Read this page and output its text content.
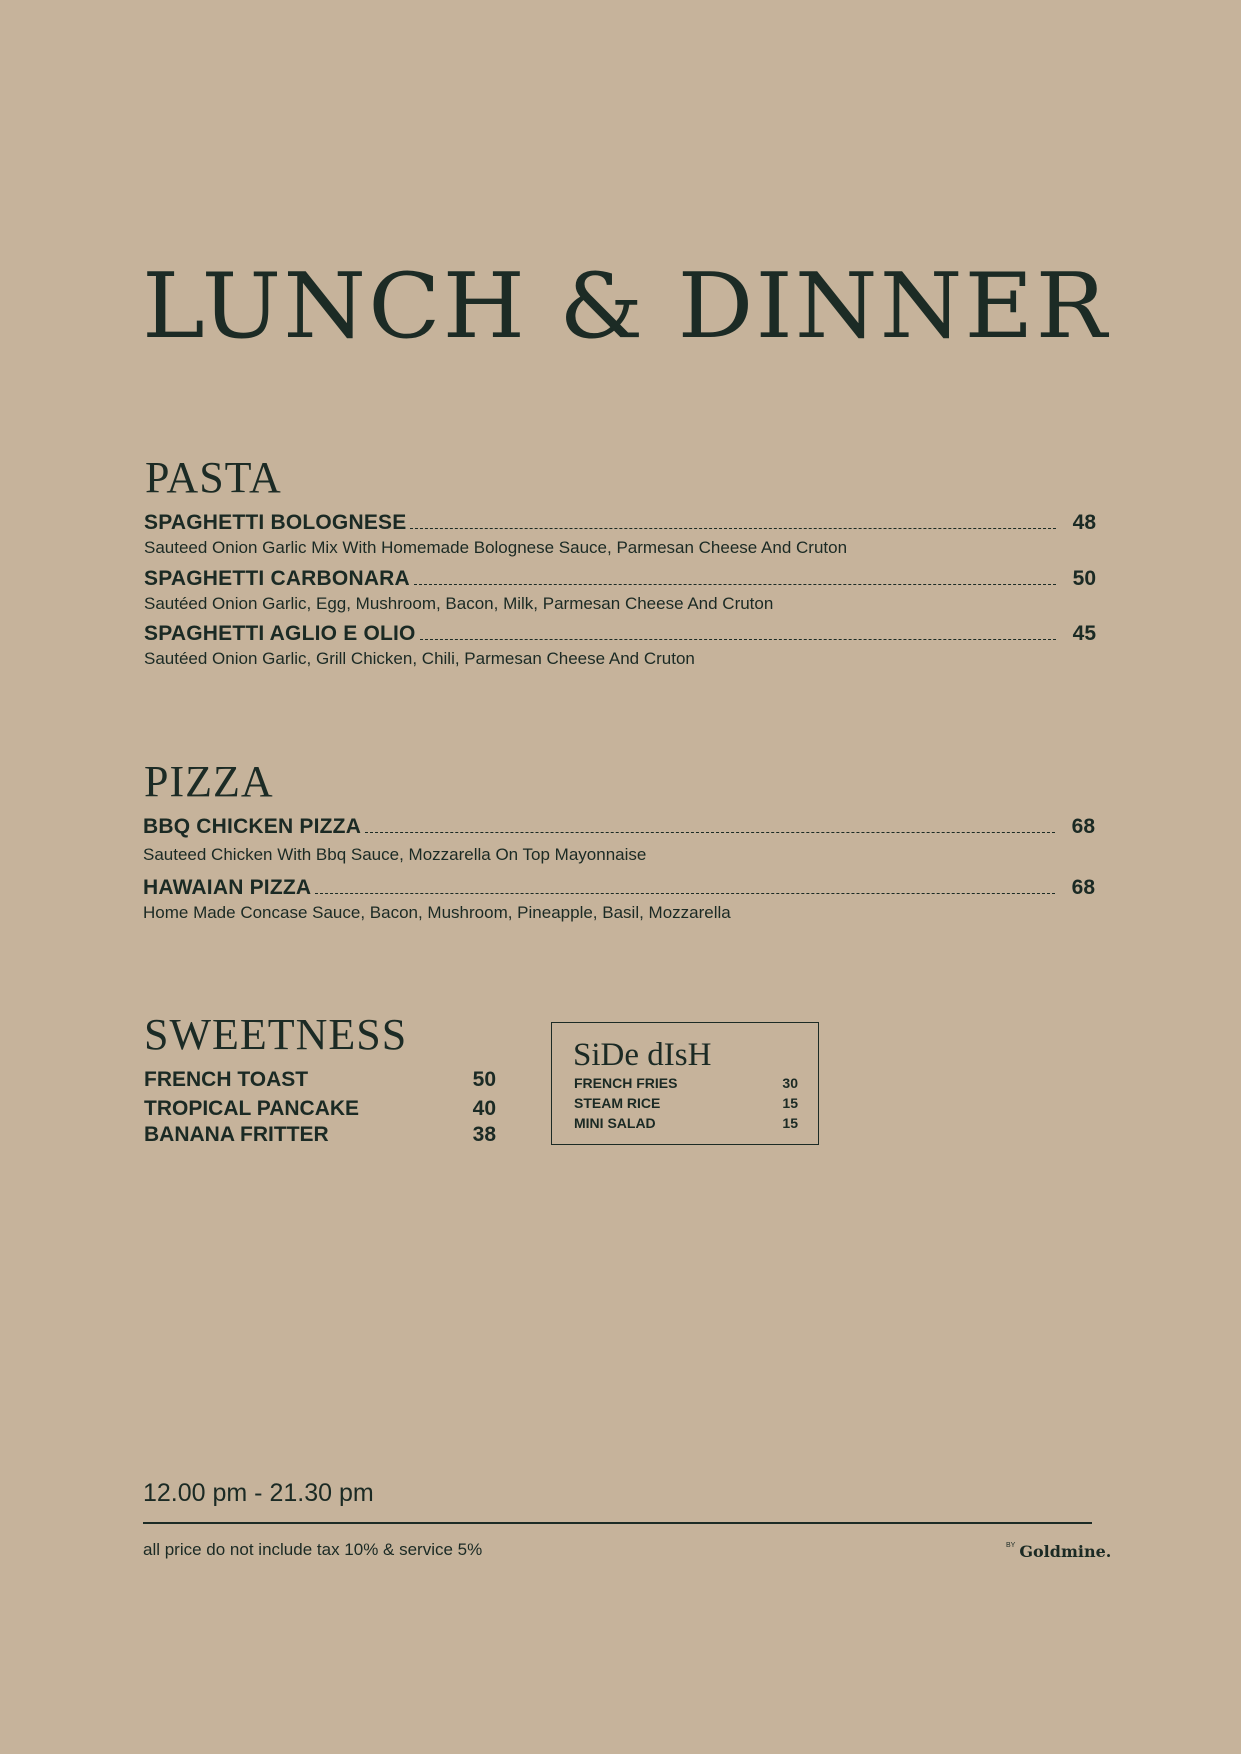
LUNCH & DINNER
PASTA
SPAGHETTI BOLOGNESE	48
Sauteed Onion Garlic Mix With Homemade Bolognese Sauce, Parmesan Cheese And Cruton
SPAGHETTI CARBONARA	50
Sautéed Onion Garlic, Egg, Mushroom, Bacon, Milk, Parmesan Cheese And Cruton
SPAGHETTI AGLIO E OLIO	45
Sautéed Onion Garlic, Grill Chicken, Chili, Parmesan Cheese And Cruton
PIZZA
BBQ CHICKEN PIZZA	68
Sauteed Chicken With Bbq Sauce, Mozzarella On Top Mayonnaise
HAWAIAN PIZZA	68
Home Made Concase Sauce, Bacon, Mushroom, Pineapple, Basil, Mozzarella
SWEETNESS
FRENCH TOAST	50
TROPICAL PANCAKE	40
BANANA FRITTER	38
SiDe dIsH
FRENCH FRIES	30
STEAM RICE	15
MINI SALAD	15
12.00 pm - 21.30 pm
all price do not include tax 10% & service 5%	$^{BY}$ Goldmine.
